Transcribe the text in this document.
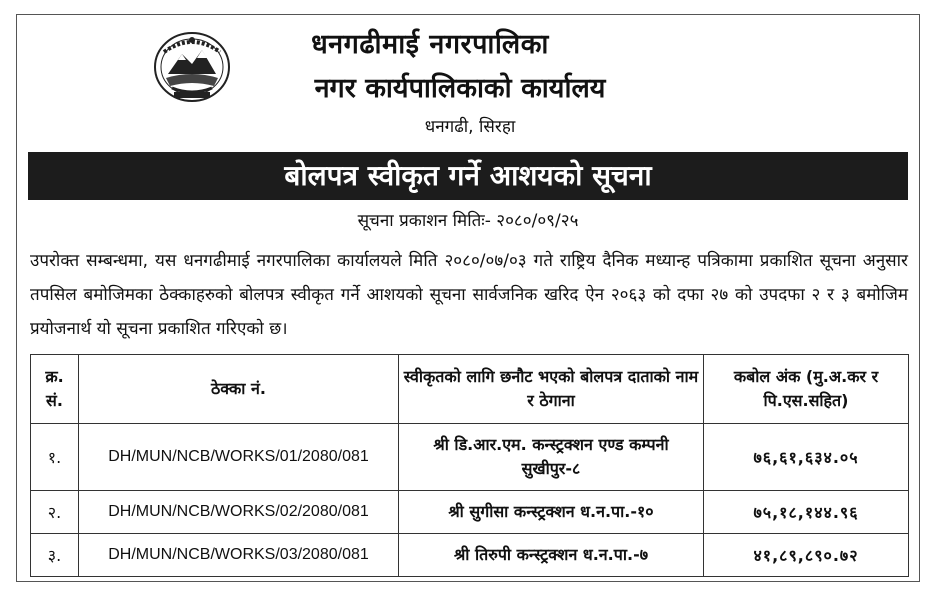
धनगढीमाई नगरपालिका
नगर कार्यपालिकाको कार्यालय
धनगढी, सिरहा
बोलपत्र स्वीकृत गर्ने आशयको सूचना
सूचना प्रकाशन मितिः- २०८०/०९/२५
उपरोक्त सम्बन्धमा, यस धनगढीमाई नगरपालिका कार्यालयले मिति २०८०/०७/०३ गते राष्ट्रिय दैनिक मध्यान्ह पत्रिकामा प्रकाशित सूचना अनुसार तपसिल बमोजिमका ठेक्काहरुको बोलपत्र स्वीकृत गर्ने आशयको सूचना सार्वजनिक खरिद ऐन २०६३ को दफा २७ को उपदफा २ र ३ बमोजिम प्रयोजनार्थ यो सूचना प्रकाशित गरिएको छ।
क्र. सं.	ठेक्का नं.	स्वीकृतको लागि छनौट भएको बोलपत्र दाताको नाम र ठेगाना	कबोल अंक (मु.अ.कर र पि.एस.सहित)
१.	DH/MUN/NCB/WORKS/01/2080/081	श्री डि.आर.एम. कन्स्ट्रक्शन एण्ड कम्पनी सुखीपुर-८	७६,६१,६३४.०५
२.	DH/MUN/NCB/WORKS/02/2080/081	श्री सुगीसा कन्स्ट्रक्शन ध.न.पा.-१०	७५,१८,१४४.९६
३.	DH/MUN/NCB/WORKS/03/2080/081	श्री तिरुपी कन्स्ट्रक्शन ध.न.पा.-७	४१,८९,८९०.७२
